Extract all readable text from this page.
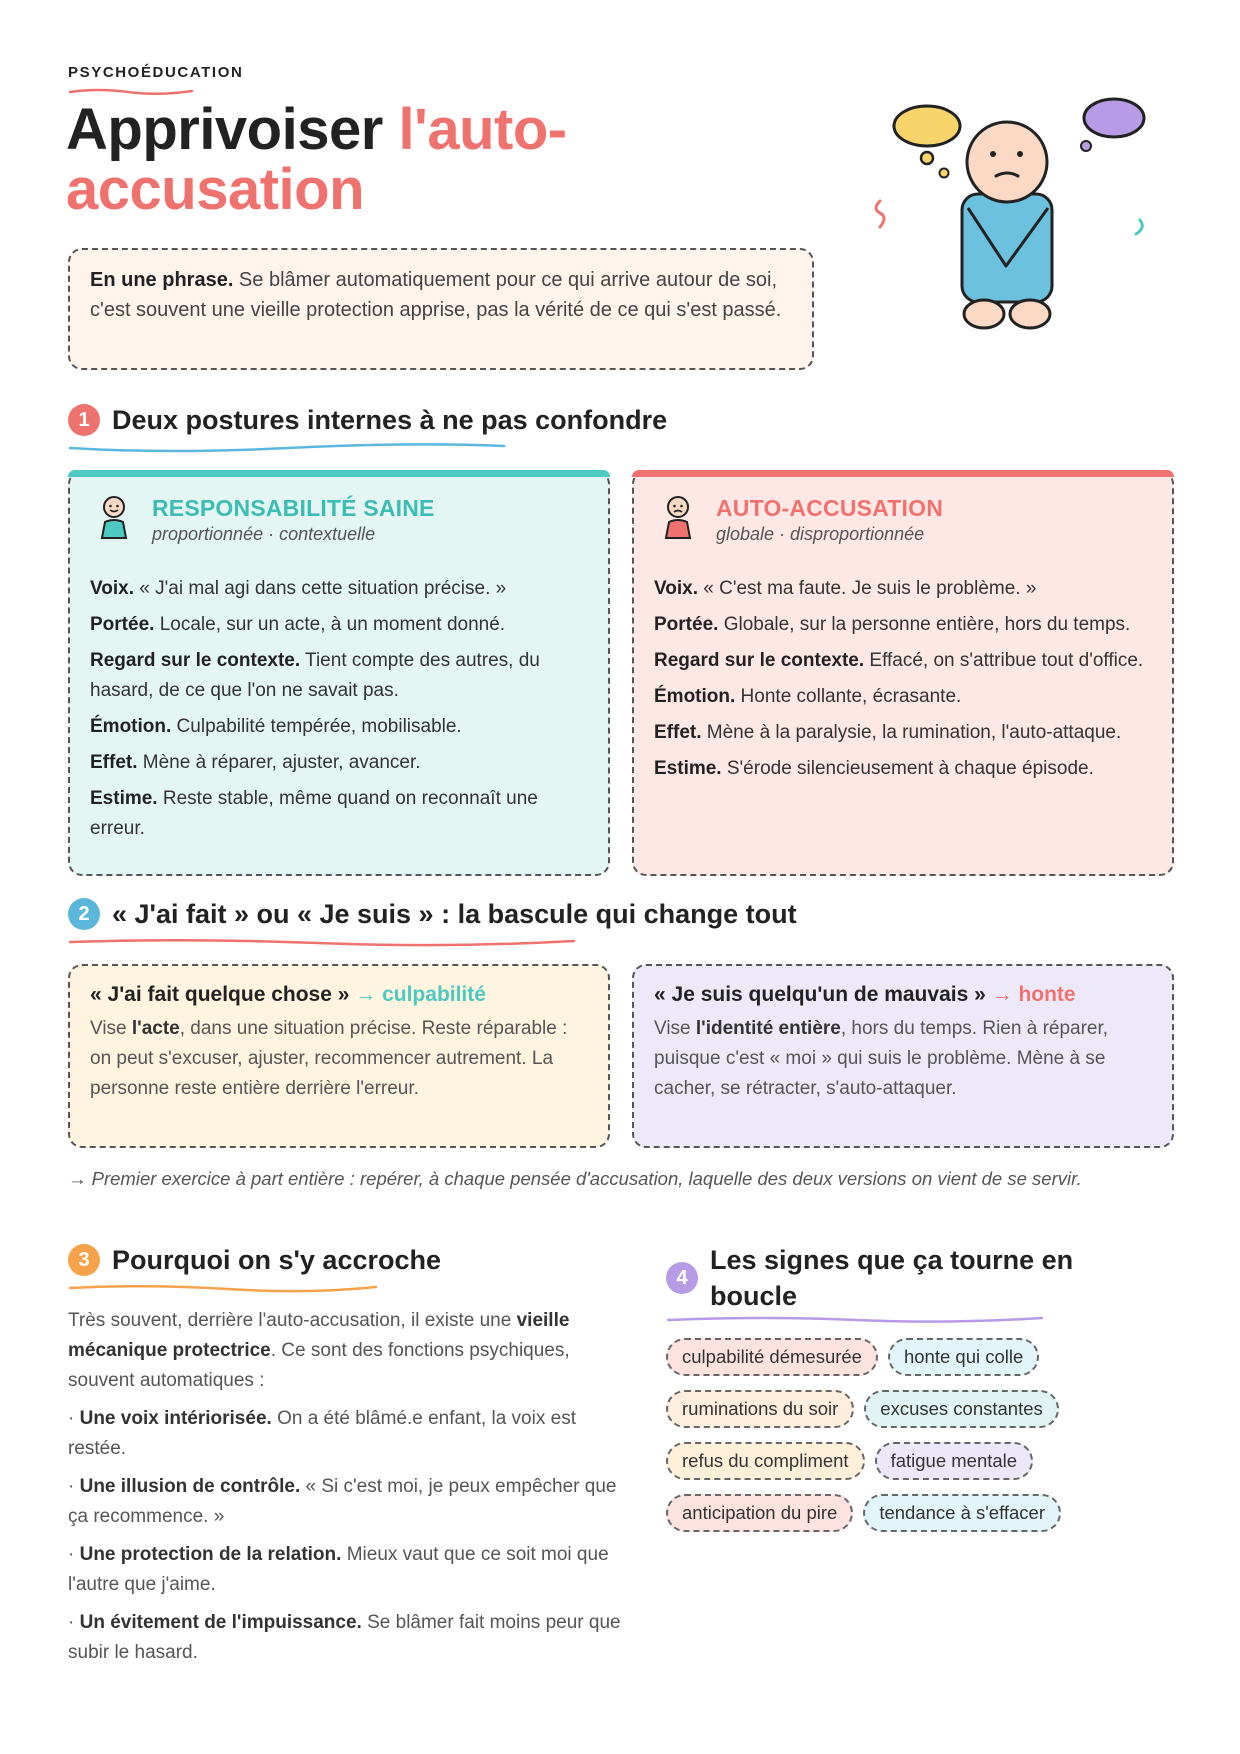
PSYCHOÉDUCATION
Apprivoiser l'auto-
accusation
En une phrase. Se blâmer automatiquement pour ce qui arrive autour de soi, c'est souvent une vieille protection apprise, pas la vérité de ce qui s'est passé.
1 Deux postures internes à ne pas confondre
RESPONSABILITÉ SAINE
proportionnée · contextuelle

Voix. « J'ai mal agi dans cette situation précise. »

Portée. Locale, sur un acte, à un moment donné.

Regard sur le contexte. Tient compte des autres, du hasard, de ce que l'on ne savait pas.

Émotion. Culpabilité tempérée, mobilisable.

Effet. Mène à réparer, ajuster, avancer.

Estime. Reste stable, même quand on reconnaît une erreur.

AUTO-ACCUSATION
globale · disproportionnée

Voix. « C'est ma faute. Je suis le problème. »

Portée. Globale, sur la personne entière, hors du temps.

Regard sur le contexte. Effacé, on s'attribue tout d'office.

Émotion. Honte collante, écrasante.

Effet. Mène à la paralysie, la rumination, l'auto-attaque.

Estime. S'érode silencieusement à chaque épisode.

2 « J'ai fait » ou « Je suis » : la bascule qui change tout
« J'ai fait quelque chose » → culpabilité
Vise l'acte, dans une situation précise. Reste réparable : on peut s'excuser, ajuster, recommencer autrement. La personne reste entière derrière l'erreur.
« Je suis quelqu'un de mauvais » → honte
Vise l'identité entière, hors du temps. Rien à réparer, puisque c'est « moi » qui suis le problème. Mène à se cacher, se rétracter, s'auto-attaquer.
→ Premier exercice à part entière : repérer, à chaque pensée d'accusation, laquelle des deux versions on vient de se servir.
3 Pourquoi on s'y accroche

Très souvent, derrière l'auto-accusation, il existe une vieille mécanique protectrice. Ce sont des fonctions psychiques, souvent automatiques :

· Une voix intériorisée. On a été blâmé.e enfant, la voix est restée.

· Une illusion de contrôle. « Si c'est moi, je peux empêcher que ça recommence. »

· Une protection de la relation. Mieux vaut que ce soit moi que l'autre que j'aime.

· Un évitement de l'impuissance. Se blâmer fait moins peur que subir le hasard.

4
Les signes que ça tourne en
boucle
culpabilité démesurée	honte qui colle
ruminations du soir	excuses constantes
refus du compliment	fatigue mentale
anticipation du pire	tendance à s'effacer
